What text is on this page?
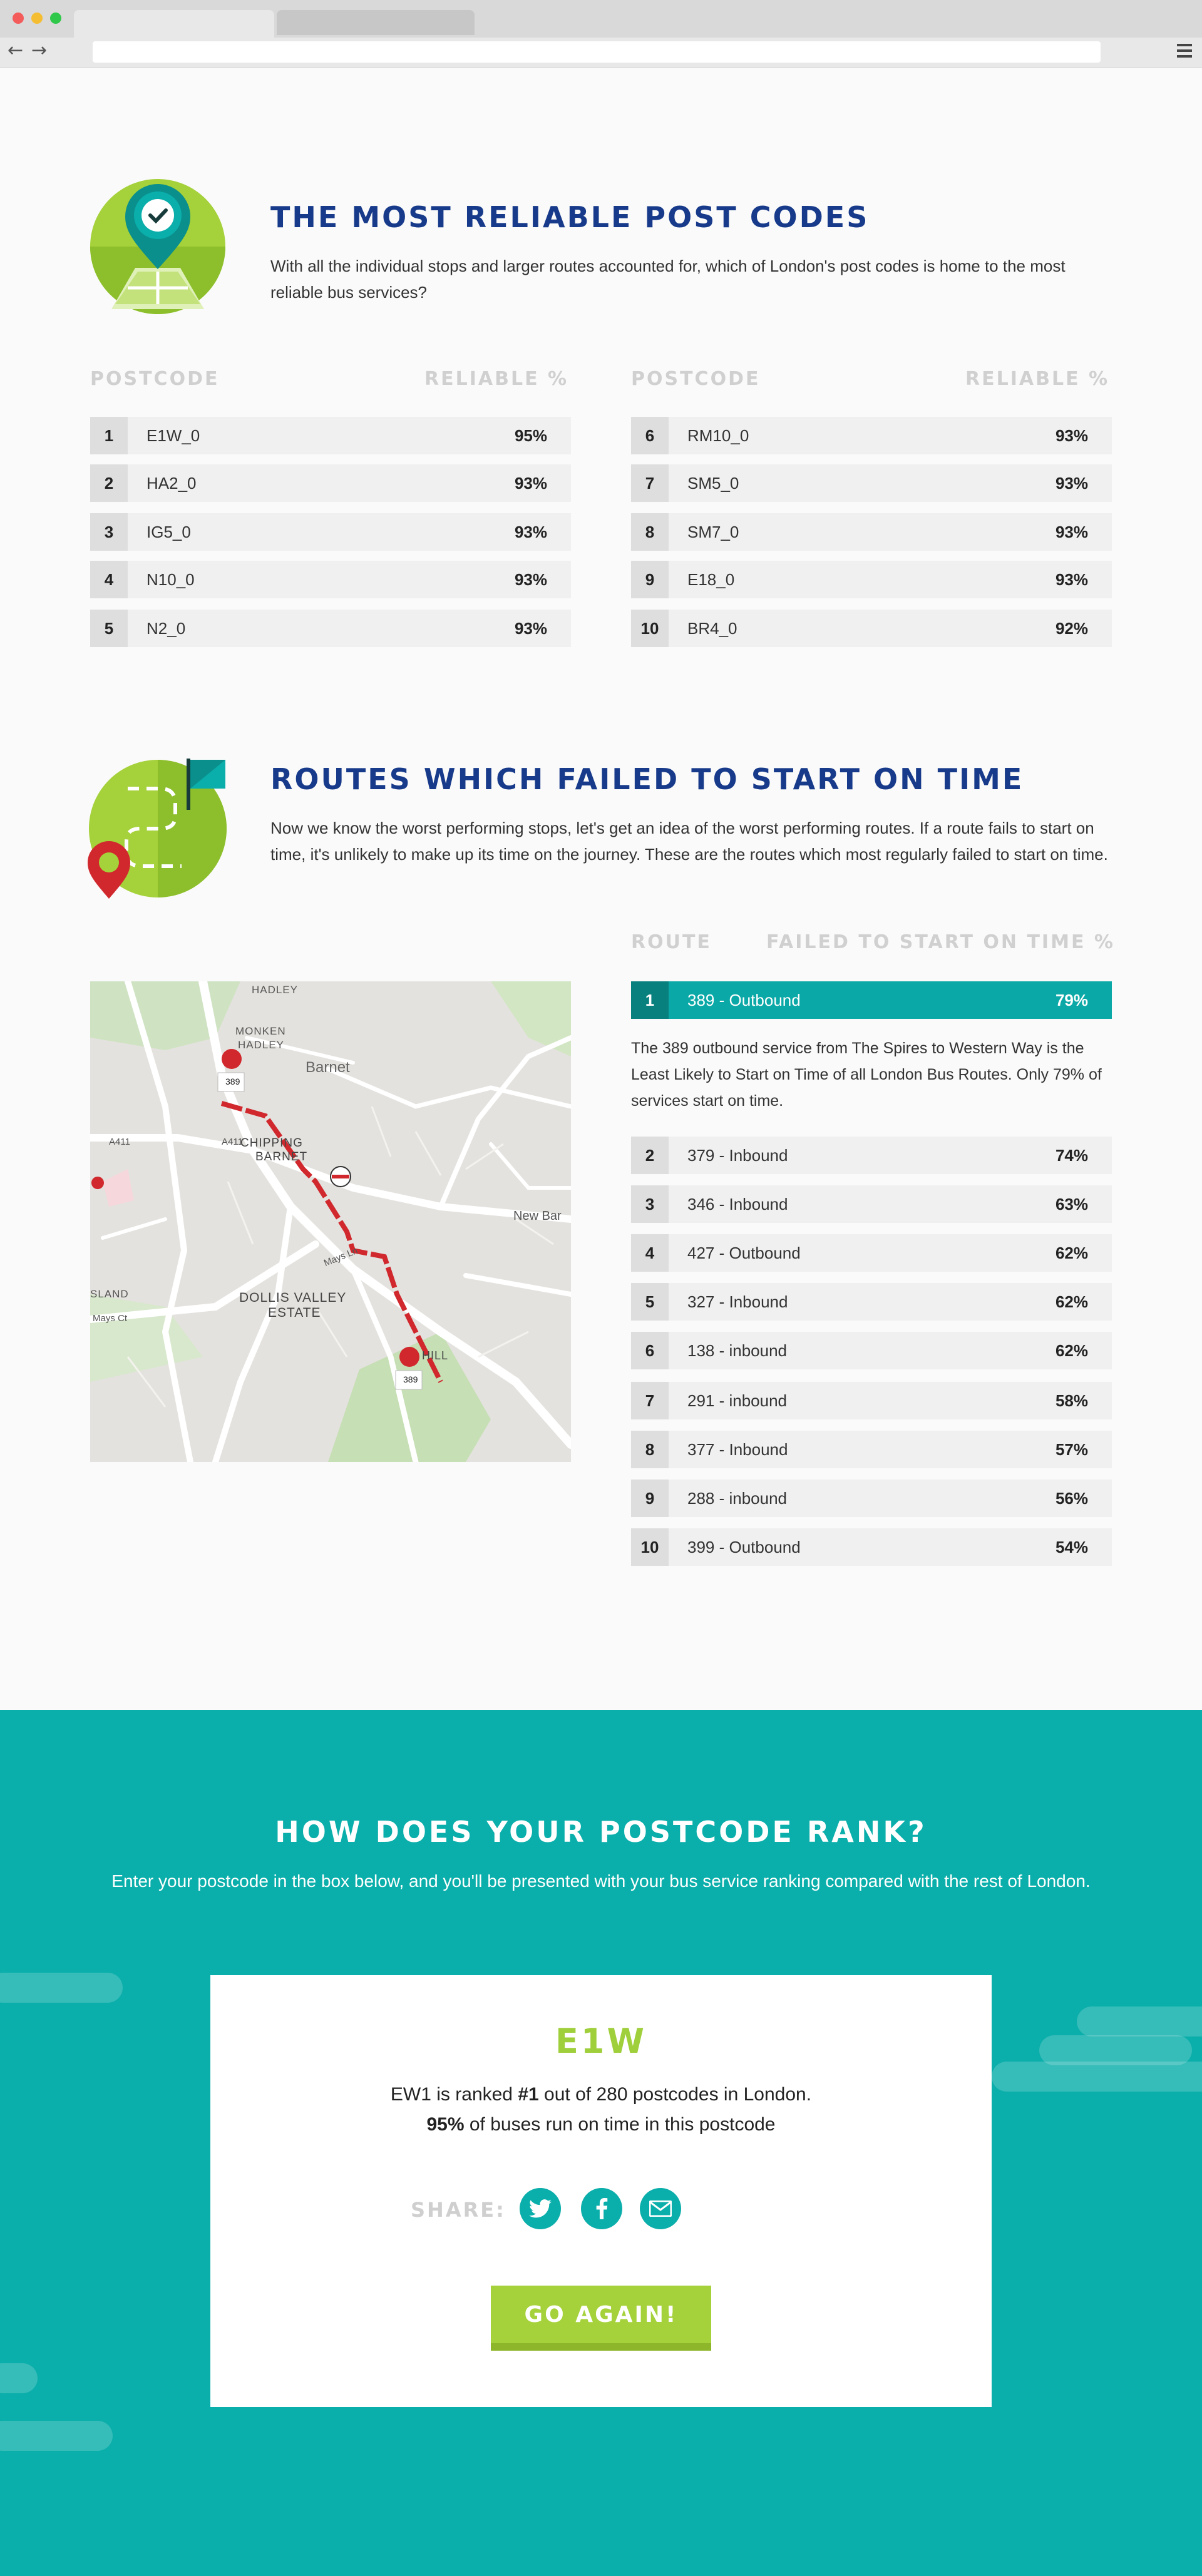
← →
THE MOST RELIABLE POST CODES
With all the individual stops and larger routes accounted for, which of London's post codes is home to the most reliable bus services?
POSTCODE	RELIABLE %	POSTCODE	RELIABLE %
1	E1W_0	95%
2	HA2_0	93%
3	IG5_0	93%
4	N10_0	93%
5	N2_0	93%
6	RM10_0	93%
7	SM5_0	93%
8	SM7_0	93%
9	E18_0	93%
10	BR4_0	92%
ROUTES WHICH FAILED TO START ON TIME
Now we know the worst performing stops, let's get an idea of the worst performing routes. If a route fails to start on time, it's unlikely to make up its time on the journey. These are the routes which most regularly failed to start on time.
ROUTE	FAILED TO START ON TIME %
HADLEY
MONKEN
HADLEY
Barnet
CHIPPING
BARNET
DOLLIS VALLEY
ESTATE
HILL
New Bar
SLAND
A411	A411
389
389
Mays Ln
Mays Ct
1	389 - Outbound	79%
The 389 outbound service from The Spires to Western Way is the Least Likely to Start on Time of all London Bus Routes. Only 79% of services start on time.
2	379 - Inbound	74%
3	346 - Inbound	63%
4	427 - Outbound	62%
5	327 - Inbound	62%
6	138 - inbound	62%
7	291 - inbound	58%
8	377 - Inbound	57%
9	288 - inbound	56%
10	399 - Outbound	54%
HOW DOES YOUR POSTCODE RANK?
Enter your postcode in the box below, and you'll be presented with your bus service ranking compared with the rest of London.
E1W
EW1 is ranked #1 out of 280 postcodes in London.
95% of buses run on time in this postcode
SHARE:
GO AGAIN!
